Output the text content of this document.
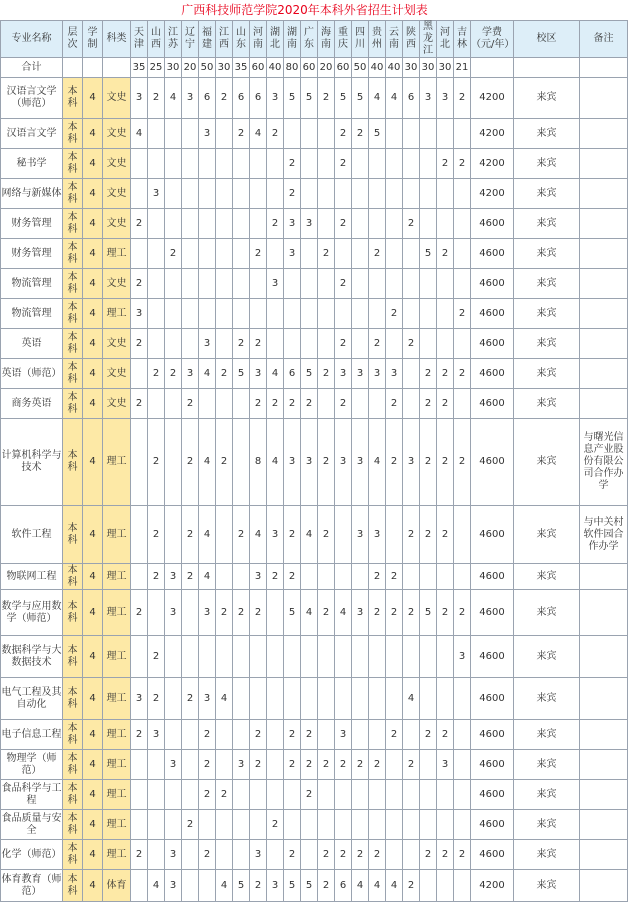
广西科技师范学院2020年本科外省招生计划表
专业名称	层次	学制	科类	天津	山西	江苏	辽宁	福建	江西	山东	河南	湖北	湖南	广东	海南	重庆	四川	贵州	云南	陕西	黑龙江	河北	吉林	学费（元/年）	校区	备注
合计				35	25	30	20	50	30	35	60	40	80	60	20	60	50	40	40	30	30	30	21			
汉语言文学（师范）	本科	4	文史	3	2	4	3	6	2	6	6	3	5	5	2	5	5	4	4	6	3	3	2	4200	来宾	
汉语言文学	本科	4	文史	4				3		2	4	2				2	2	5						4200	来宾	
秘书学	本科	4	文史										2			2						2	2	4200	来宾	
网络与新媒体	本科	4	文史		3								2											4200	来宾	
财务管理	本科	4	文史	2								2	3	3		2				2				4600	来宾	
财务管理	本科	4	理工			2					2		3		2			2			5	2		4600	来宾	
物流管理	本科	4	文史	2								3				2								4600	来宾	
物流管理	本科	4	理工	3															2				2	4600	来宾	
英语	本科	4	文史	2				3		2	2					2		2		2				4600	来宾	
英语（师范）	本科	4	文史		2	2	3	4	2	5	3	4	6	5	2	3	3	3	3		2	2	2	4600	来宾	
商务英语	本科	4	文史	2			2				2	2	2	2		2			2		2	2		4600	来宾	
计算机科学与技术	本科	4	理工		2		2	4	2		8	4	3	3	2	3	3	4	2	3	2	2	2	4600	来宾	与曙光信息产业股份有限公司合作办学
软件工程	本科	4	理工		2		2	4		2	4	3	2	4	2		3	3		2	2	2		4600	来宾	与中关村软件园合作办学
物联网工程	本科	4	理工		2	3	2	4			3	2	2					2	2					4600	来宾	
数学与应用数学（师范）	本科	4	理工	2		3		3	2	2	2		5	4	2	4	3	2	2	2	5	2	2	4600	来宾	
数据科学与大数据技术	本科	4	理工		2																		3	4600	来宾	
电气工程及其自动化	本科	4	理工	3	2		2	3	4											4				4600	来宾	
电子信息工程	本科	4	理工	2	3			2			2		2	2		3			2		2	2		4600	来宾	
物理学（师范）	本科	4	理工			3		2		3	2		2	2	2	2	2	2		2		3		4600	来宾	
食品科学与工程	本科	4	理工					2	2					2										4600	来宾	
食品质量与安全	本科	4	理工				2					2												4600	来宾	
化学（师范）	本科	4	理工	2		3		2			3		2		2	2	2	2			2	2	2	4600	来宾	
体育教育（师范）	本科	4	体育		4	3			4	5	2	3	5	5	2	6	4	4	4	2				4200	来宾	
